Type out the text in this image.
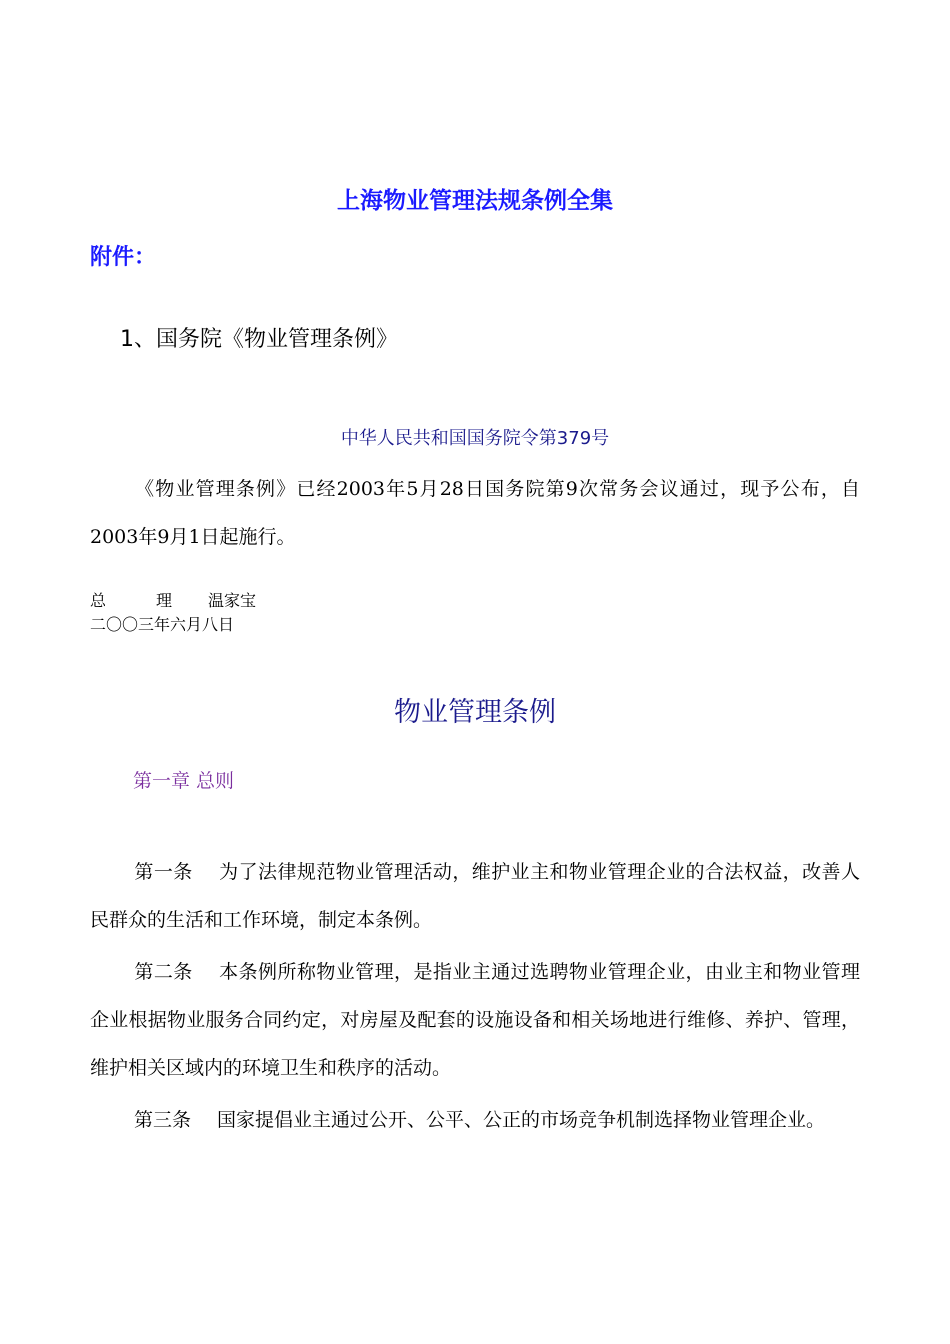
上海物业管理法规条例全集
附件：
1、国务院《物业管理条例》
中华人民共和国国务院令第379号

《物业管理条例》已经2003年5月28日国务院第9次常务会议通过，现予公布，自2003年9月1日起施行。

总	理 温家宝
二〇〇三年六月八日
物业管理条例
第一章 总则

第一条 为了法律规范物业管理活动，维护业主和物业管理企业的合法权益，改善人民群众的生活和工作环境，制定本条例。

第二条 本条例所称物业管理，是指业主通过选聘物业管理企业，由业主和物业管理企业根据物业服务合同约定，对房屋及配套的设施设备和相关场地进行维修、养护、管理，维护相关区域内的环境卫生和秩序的活动。

第三条 国家提倡业主通过公开、公平、公正的市场竞争机制选择物业管理企业。
